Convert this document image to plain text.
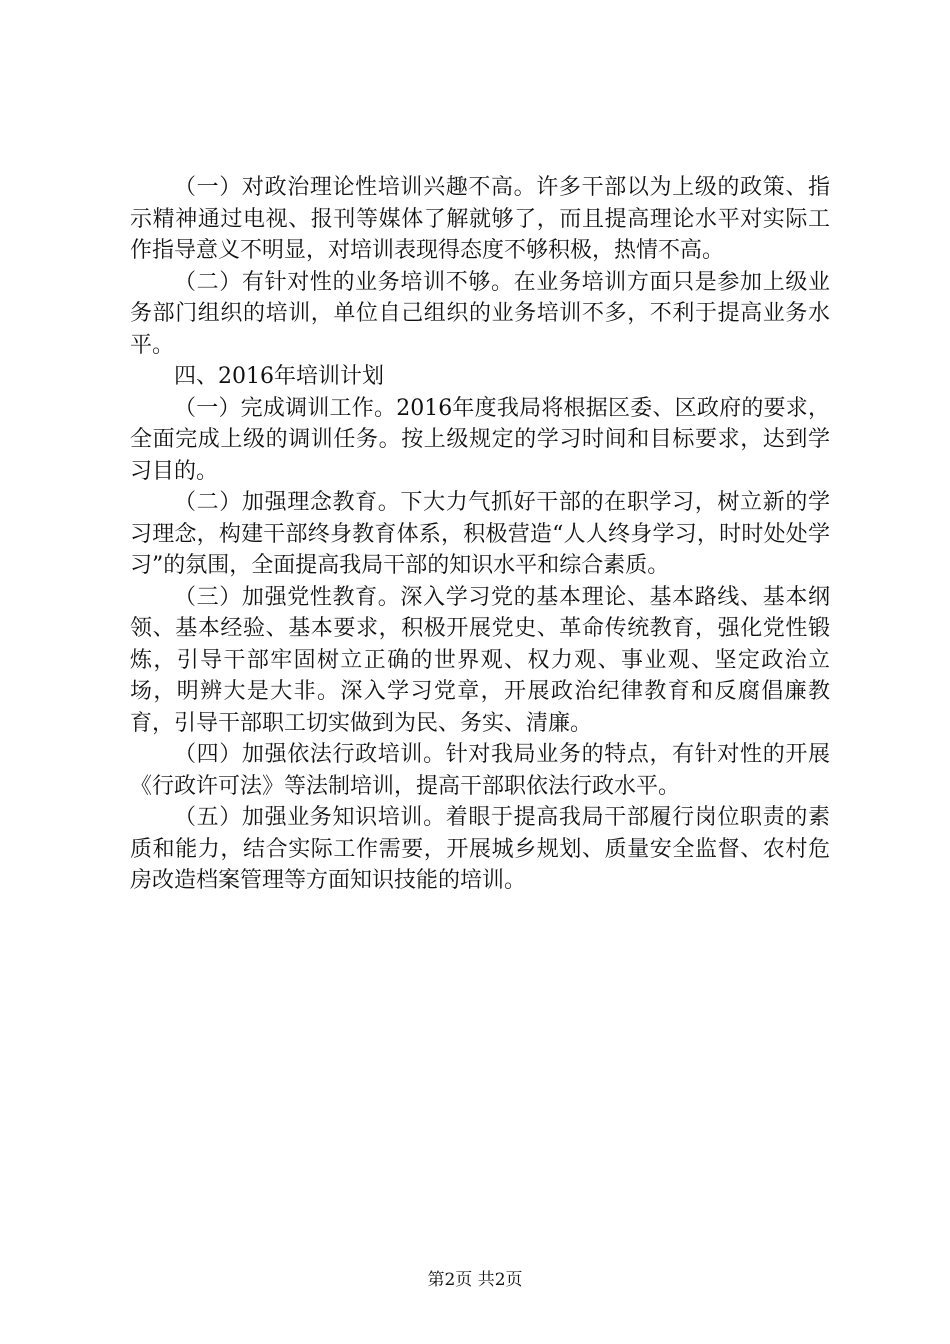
（一）对政治理论性培训兴趣不高。许多干部以为上级的政策、指示精神通过电视、报刊等媒体了解就够了，而且提高理论水平对实际工作指导意义不明显，对培训表现得态度不够积极，热情不高。

（二）有针对性的业务培训不够。在业务培训方面只是参加上级业务部门组织的培训，单位自己组织的业务培训不多，不利于提高业务水平。

四、2016年培训计划

（一）完成调训工作。2016年度我局将根据区委、区政府的要求，全面完成上级的调训任务。按上级规定的学习时间和目标要求，达到学习目的。

（二）加强理念教育。下大力气抓好干部的在职学习，树立新的学习理念，构建干部终身教育体系，积极营造“人人终身学习，时时处处学习”的氛围，全面提高我局干部的知识水平和综合素质。

（三）加强党性教育。深入学习党的基本理论、基本路线、基本纲领、基本经验、基本要求，积极开展党史、革命传统教育，强化党性锻炼，引导干部牢固树立正确的世界观、权力观、事业观、坚定政治立场，明辨大是大非。深入学习党章，开展政治纪律教育和反腐倡廉教育，引导干部职工切实做到为民、务实、清廉。

（四）加强依法行政培训。针对我局业务的特点，有针对性的开展《行政许可法》等法制培训，提高干部职依法行政水平。

（五）加强业务知识培训。着眼于提高我局干部履行岗位职责的素质和能力，结合实际工作需要，开展城乡规划、质量安全监督、农村危房改造档案管理等方面知识技能的培训。

第2页 共2页
